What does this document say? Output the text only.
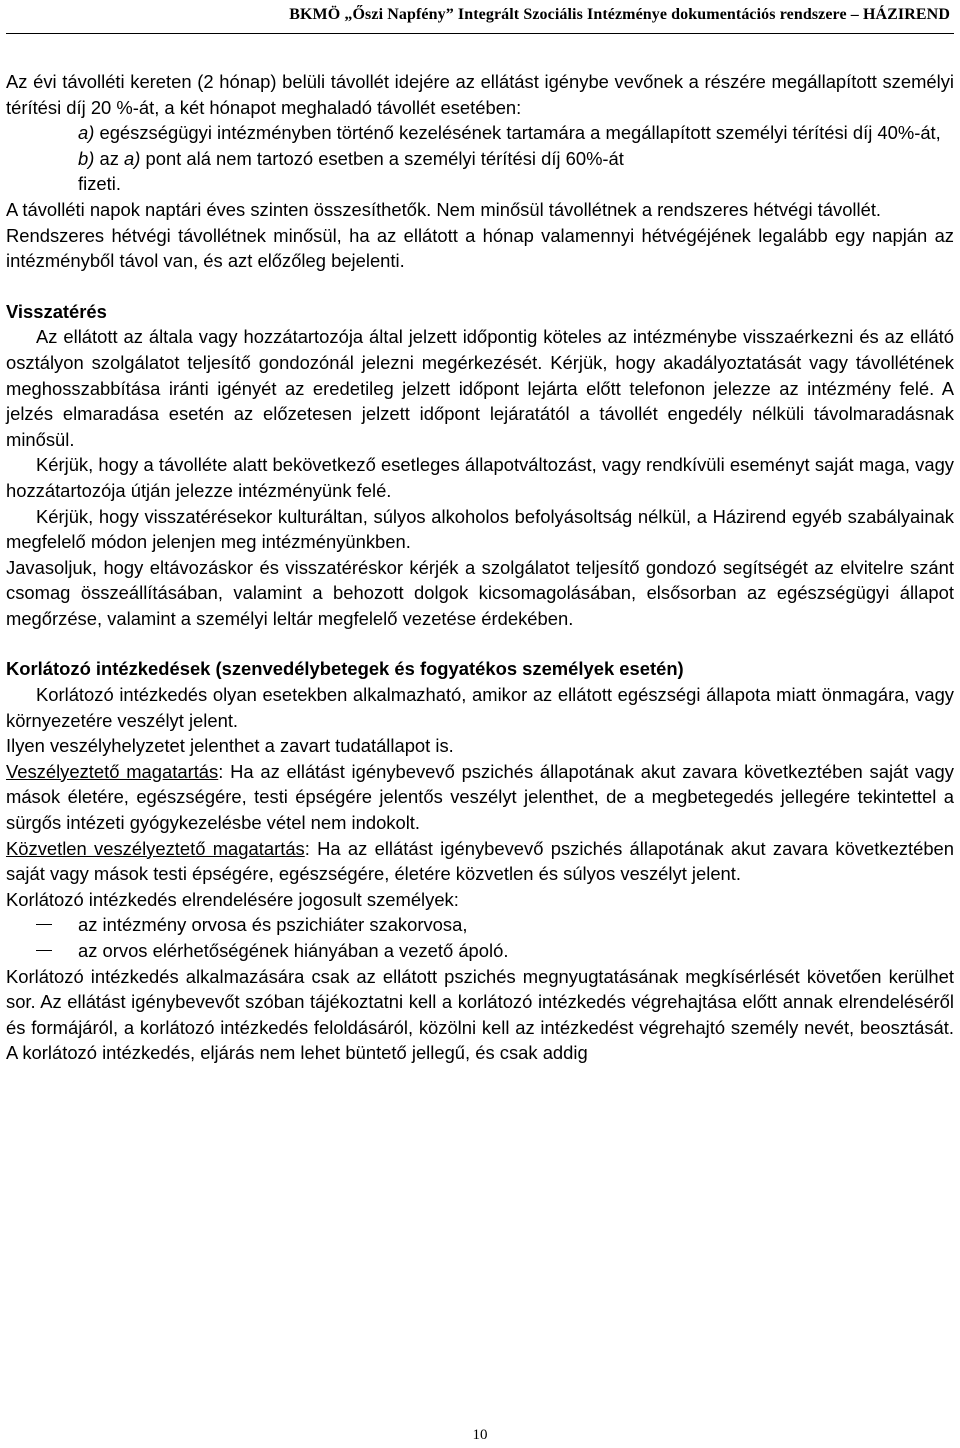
BKMÖ „Őszi Napfény” Integrált Szociális Intézménye dokumentációs rendszere – HÁZIREND

Az évi távolléti kereten (2 hónap) belüli távollét idejére az ellátást igénybe vevőnek a részére megállapított személyi térítési díj 20 %-át, a két hónapot meghaladó távollét esetében:

a) egészségügyi intézményben történő kezelésének tartamára a megállapított személyi térítési díj 40%-át,

b) az a) pont alá nem tartozó esetben a személyi térítési díj 60%-át

fizeti.

A távolléti napok naptári éves szinten összesíthetők. Nem minősül távollétnek a rendszeres hétvégi távollét.

Rendszeres hétvégi távollétnek minősül, ha az ellátott a hónap valamennyi hétvégéjének legalább egy napján az intézményből távol van, és azt előzőleg bejelenti.

Visszatérés

Az ellátott az általa vagy hozzátartozója által jelzett időpontig köteles az intézménybe visszaérkezni és az ellátó osztályon szolgálatot teljesítő gondozónál jelezni megérkezését. Kérjük, hogy akadályoztatását vagy távollétének meghosszabbítása iránti igényét az eredetileg jelzett időpont lejárta előtt telefonon jelezze az intézmény felé. A jelzés elmaradása esetén az előzetesen jelzett időpont lejáratától a távollét engedély nélküli távolmaradásnak minősül.

Kérjük, hogy a távolléte alatt bekövetkező esetleges állapotváltozást, vagy rendkívüli eseményt saját maga, vagy hozzátartozója útján jelezze intézményünk felé.

Kérjük, hogy visszatérésekor kulturáltan, súlyos alkoholos befolyásoltság nélkül, a Házirend egyéb szabályainak megfelelő módon jelenjen meg intézményünkben.

Javasoljuk, hogy eltávozáskor és visszatéréskor kérjék a szolgálatot teljesítő gondozó segítségét az elvitelre szánt csomag összeállításában, valamint a behozott dolgok kicsomagolásában, elsősorban az egészségügyi állapot megőrzése, valamint a személyi leltár megfelelő vezetése érdekében.

Korlátozó intézkedések (szenvedélybetegek és fogyatékos személyek esetén)

Korlátozó intézkedés olyan esetekben alkalmazható, amikor az ellátott egészségi állapota miatt önmagára, vagy környezetére veszélyt jelent.

Ilyen veszélyhelyzetet jelenthet a zavart tudatállapot is.

Veszélyeztető magatartás: Ha az ellátást igénybevevő pszichés állapotának akut zavara következtében saját vagy mások életére, egészségére, testi épségére jelentős veszélyt jelenthet, de a megbetegedés jellegére tekintettel a sürgős intézeti gyógykezelésbe vétel nem indokolt.

Közvetlen veszélyeztető magatartás: Ha az ellátást igénybevevő pszichés állapotának akut zavara következtében saját vagy mások testi épségére, egészségére, életére közvetlen és súlyos veszélyt jelent.

Korlátozó intézkedés elrendelésére jogosult személyek:

az intézmény orvosa és pszichiáter szakorvosa,

az orvos elérhetőségének hiányában a vezető ápoló.

Korlátozó intézkedés alkalmazására csak az ellátott pszichés megnyugtatásának megkísérlését követően kerülhet sor. Az ellátást igénybevevőt szóban tájékoztatni kell a korlátozó intézkedés végrehajtása előtt annak elrendeléséről és formájáról, a korlátozó intézkedés feloldásáról, közölni kell az intézkedést végrehajtó személy nevét, beosztását. A korlátozó intézkedés, eljárás nem lehet büntető jellegű, és csak addig

10
